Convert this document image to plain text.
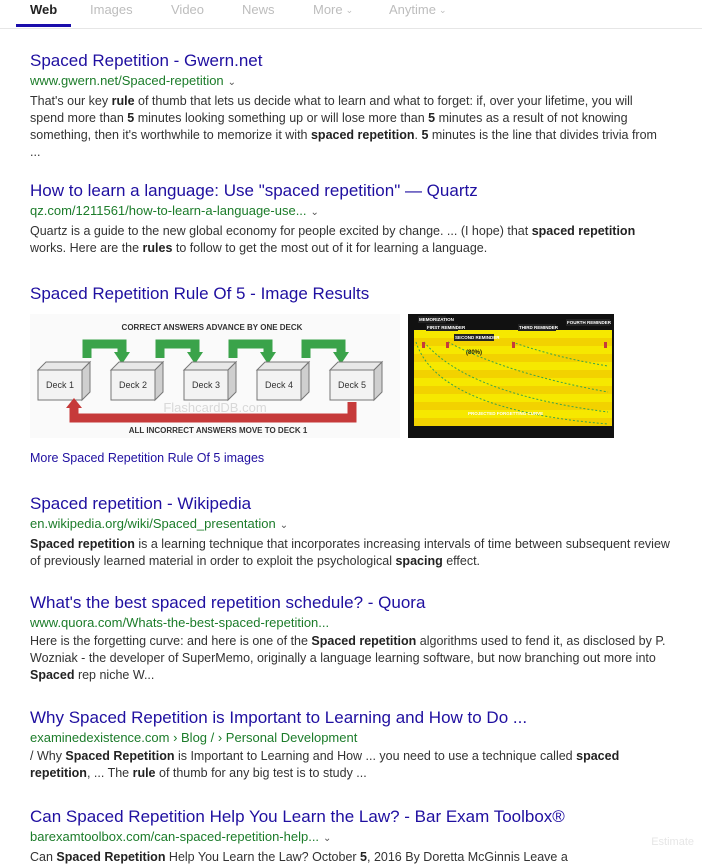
Web	Images	Video	News	More ⌄	Anytime ⌄
Spaced Repetition - Gwern.net
www.gwern.net/Spaced-repetition ⌄
That's our key rule of thumb that lets us decide what to learn and what to forget: if, over your lifetime, you will spend more than 5 minutes looking something up or will lose more than 5 minutes as a result of not knowing something, then it's worthwhile to memorize it with spaced repetition. 5 minutes is the line that divides trivia from ...
How to learn a language: Use "spaced repetition" — Quartz
qz.com/1211561/how-to-learn-a-language-use... ⌄
Quartz is a guide to the new global economy for people excited by change. ... (I hope) that spaced repetition works. Here are the rules to follow to get the most out of it for learning a language.
Spaced Repetition Rule Of 5 - Image Results
CORRECT ANSWERS ADVANCE BY ONE DECK
Deck 1	Deck 2	Deck 3	Deck 4	Deck 5
FlashcardDB.com
ALL INCORRECT ANSWERS MOVE TO DECK 1
MEMORIZATION
FIRST REMINDER
SECOND REMINDER
THIRD REMINDER
FOURTH REMINDER
(80%)
PROJECTED FORGETTING CURVE
More Spaced Repetition Rule Of 5 images
Spaced repetition - Wikipedia
en.wikipedia.org/wiki/Spaced_presentation ⌄
Spaced repetition is a learning technique that incorporates increasing intervals of time between subsequent review of previously learned material in order to exploit the psychological spacing effect.
What's the best spaced repetition schedule? - Quora
www.quora.com/Whats-the-best-spaced-repetition...
Here is the forgetting curve: and here is one of the Spaced repetition algorithms used to fend it, as disclosed by P. Wozniak - the developer of SuperMemo, originally a language learning software, but now branching out more into Spaced rep niche W...
Why Spaced Repetition is Important to Learning and How to Do ...
examinedexistence.com › Blog / › Personal Development
/ Why Spaced Repetition is Important to Learning and How ... you need to use a technique called spaced repetition, ... The rule of thumb for any big test is to study ...
Can Spaced Repetition Help You Learn the Law? - Bar Exam Toolbox®
barexamtoolbox.com/can-spaced-repetition-help... ⌄
Can Spaced Repetition Help You Learn the Law? October 5, 2016 By Doretta McGinnis Leave a
Estimate
